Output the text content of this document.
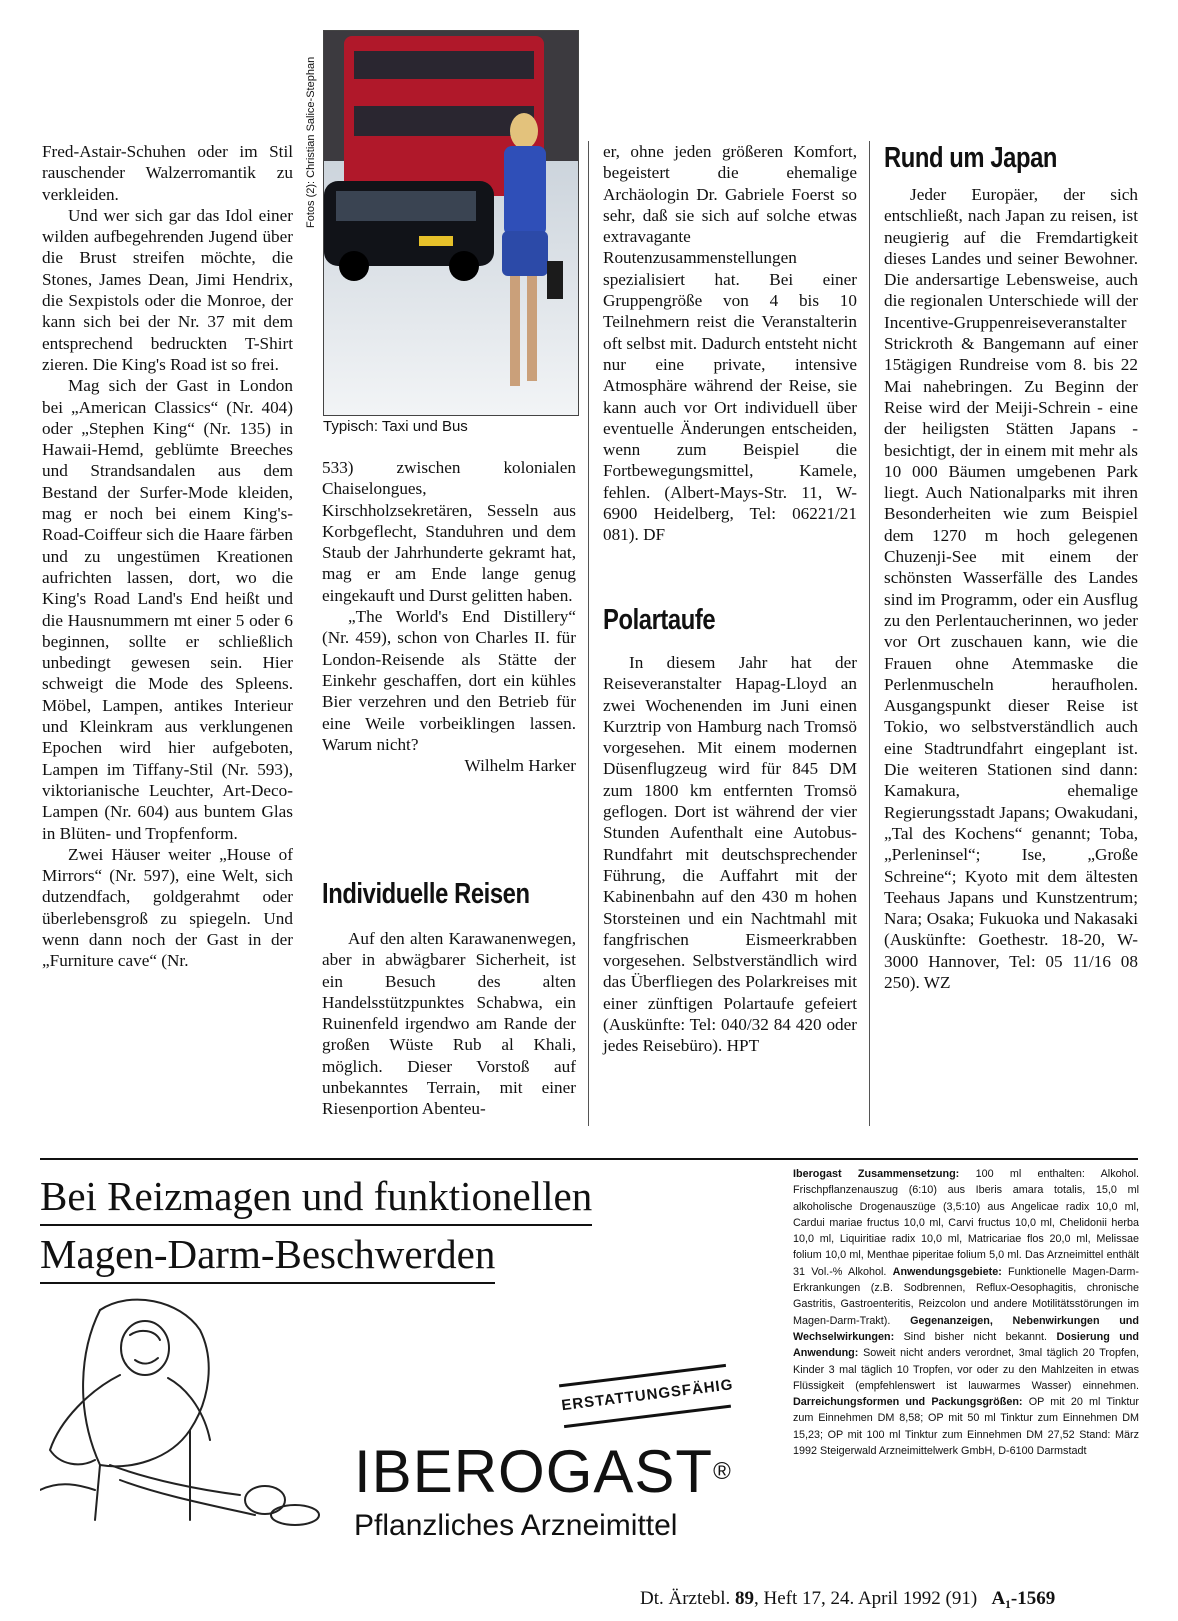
Fred-Astair-Schuhen oder im Stil rauschender Walzerromantik zu verkleiden.

Und wer sich gar das Idol einer wilden aufbegehrenden Jugend über die Brust streifen möchte, die Stones, James Dean, Jimi Hendrix, die Sexpistols oder die Monroe, der kann sich bei der Nr. 37 mit dem entsprechend bedruckten T-Shirt zieren. Die King's Road ist so frei.

Mag sich der Gast in London bei „American Classics“ (Nr. 404) oder „Stephen King“ (Nr. 135) in Hawaii-Hemd, geblümte Breeches und Strandsandalen aus dem Bestand der Surfer-Mode kleiden, mag er noch bei einem King's-Road-Coiffeur sich die Haare färben und zu ungestümen Kreationen aufrichten lassen, dort, wo die King's Road Land's End heißt und die Hausnummern mt einer 5 oder 6 beginnen, sollte er schließlich unbedingt gewesen sein. Hier schweigt die Mode des Spleens. Möbel, Lampen, antikes Interieur und Kleinkram aus verklungenen Epochen wird hier aufgeboten, Lampen im Tiffany-Stil (Nr. 593), viktorianische Leuchter, Art-Deco-Lampen (Nr. 604) aus buntem Glas in Blüten- und Tropfenform.

Zwei Häuser weiter „House of Mirrors“ (Nr. 597), eine Welt, sich dutzendfach, goldgerahmt oder überlebensgroß zu spiegeln. Und wenn dann noch der Gast in der „Furniture cave“ (Nr.

Fotos (2): Christian Salice-Stephan
Typisch: Taxi und Bus

533) zwischen kolonialen Chaiselongues, Kirschholzsekretären, Sesseln aus Korbgeflecht, Standuhren und dem Staub der Jahrhunderte gekramt hat, mag er am Ende lange genug eingekauft und Durst gelitten haben.

„The World's End Distillery“ (Nr. 459), schon von Charles II. für London-Reisende als Stätte der Einkehr geschaffen, dort ein kühles Bier verzehren und den Betrieb für eine Weile vorbeiklingen lassen. Warum nicht?

Wilhelm Harker

Individuelle Reisen

Auf den alten Karawanenwegen, aber in abwägbarer Sicherheit, ist ein Besuch des alten Handelsstützpunktes Schabwa, ein Ruinenfeld irgendwo am Rande der großen Wüste Rub al Khali, möglich. Dieser Vorstoß auf unbekanntes Terrain, mit einer Riesenportion Abenteu-

er, ohne jeden größeren Komfort, begeistert die ehemalige Archäologin Dr. Gabriele Foerst so sehr, daß sie sich auf solche etwas extravagante Routenzusammenstellungen spezialisiert hat. Bei einer Gruppengröße von 4 bis 10 Teilnehmern reist die Veranstalterin oft selbst mit. Dadurch entsteht nicht nur eine private, intensive Atmosphäre während der Reise, sie kann auch vor Ort individuell über eventuelle Änderungen entscheiden, wenn zum Beispiel die Fortbewegungsmittel, Kamele, fehlen. (Albert-Mays-Str. 11, W-6900 Heidelberg, Tel: 06221/21 081). DF

Polartaufe

In diesem Jahr hat der Reiseveranstalter Hapag-Lloyd an zwei Wochenenden im Juni einen Kurztrip von Hamburg nach Tromsö vorgesehen. Mit einem modernen Düsenflugzeug wird für 845 DM zum 1800 km entfernten Tromsö geflogen. Dort ist während der vier Stunden Aufenthalt eine Autobus-Rundfahrt mit deutschsprechender Führung, die Auffahrt mit der Kabinenbahn auf den 430 m hohen Storsteinen und ein Nachtmahl mit fangfrischen Eismeerkrabben vorgesehen. Selbstverständlich wird das Überfliegen des Polarkreises mit einer zünftigen Polartaufe gefeiert (Auskünfte: Tel: 040/32 84 420 oder jedes Reisebüro). HPT

Rund um Japan

Jeder Europäer, der sich entschließt, nach Japan zu reisen, ist neugierig auf die Fremdartigkeit dieses Landes und seiner Bewohner. Die andersartige Lebensweise, auch die regionalen Unterschiede will der Incentive-Gruppenreiseveranstalter Strickroth & Bangemann auf einer 15tägigen Rundreise vom 8. bis 22 Mai nahebringen. Zu Beginn der Reise wird der Meiji-Schrein - eine der heiligsten Stätten Japans - besichtigt, der in einem mit mehr als 10 000 Bäumen umgebenen Park liegt. Auch Nationalparks mit ihren Besonderheiten wie zum Beispiel dem 1270 m hoch gelegenen Chuzenji-See mit einem der schönsten Wasserfälle des Landes sind im Programm, oder ein Ausflug zu den Perlentaucherinnen, wo jeder vor Ort zuschauen kann, wie die Frauen ohne Atemmaske die Perlenmuscheln heraufholen. Ausgangspunkt dieser Reise ist Tokio, wo selbstverständlich auch eine Stadtrundfahrt eingeplant ist. Die weiteren Stationen sind dann: Kamakura, ehemalige Regierungsstadt Japans; Owakudani, „Tal des Kochens“ genannt; Toba, „Perleninsel“; Ise, „Große Schreine“; Kyoto mit dem ältesten Teehaus Japans und Kunstzentrum; Nara; Osaka; Fukuoka und Nakasaki (Auskünfte: Goethestr. 18-20, W-3000 Hannover, Tel: 05 11/16 08 250). WZ

Bei Reizmagen und funktionellen
Magen-Darm-Beschwerden
ERSTATTUNGSFÄHIG
IBEROGAST®
Pflanzliches Arzneimittel
Iberogast Zusammensetzung: 100 ml enthalten: Alkohol. Frischpflanzenauszug (6:10) aus Iberis amara totalis, 15,0 ml alkoholische Drogenauszüge (3,5:10) aus Angelicae radix 10,0 ml, Cardui mariae fructus 10,0 ml, Carvi fructus 10,0 ml, Chelidonii herba 10,0 ml, Liquiritiae radix 10,0 ml, Matricariae flos 20,0 ml, Melissae folium 10,0 ml, Menthae piperitae folium 5,0 ml. Das Arzneimittel enthält 31 Vol.-% Alkohol. Anwendungsgebiete: Funktionelle Magen-Darm-Erkrankungen (z.B. Sodbrennen, Reflux-Oesophagitis, chronische Gastritis, Gastroenteritis, Reizcolon und andere Motilitätsstörungen im Magen-Darm-Trakt). Gegenanzeigen, Nebenwirkungen und Wechselwirkungen: Sind bisher nicht bekannt. Dosierung und Anwendung: Soweit nicht anders verordnet, 3mal täglich 20 Tropfen, Kinder 3 mal täglich 10 Tropfen, vor oder zu den Mahlzeiten in etwas Flüssigkeit (empfehlenswert ist lauwarmes Wasser) einnehmen. Darreichungsformen und Packungsgrößen: OP mit 20 ml Tinktur zum Einnehmen DM 8,58; OP mit 50 ml Tinktur zum Einnehmen DM 15,23; OP mit 100 ml Tinktur zum Einnehmen DM 27,52 Stand: März 1992 Steigerwald Arzneimittelwerk GmbH, D-6100 Darmstadt
Dt. Ärztebl. 89, Heft 17, 24. April 1992 (91) A₁-1569
